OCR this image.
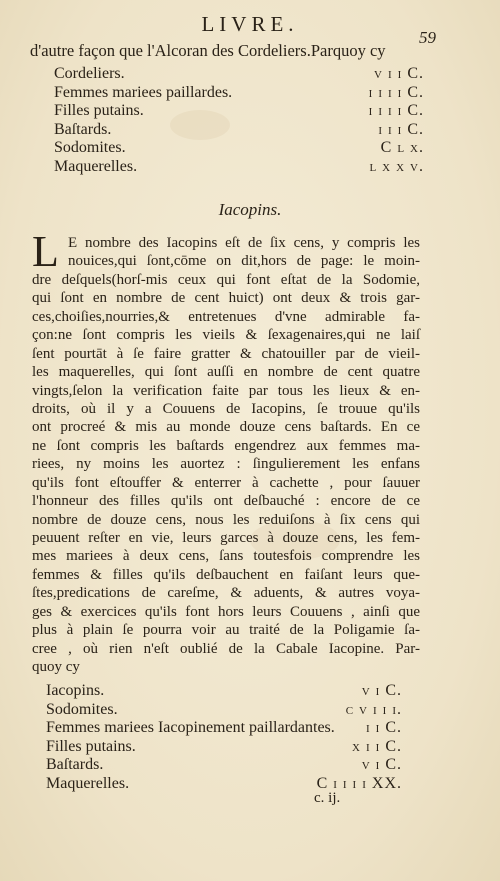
LIVRE.
59
d'autre façon que l'Alcoran des Cordeliers.Parquoy cy
Cordeliers.	v i i C.
Femmes mariees paillardes.	i i i i C.
Filles putains.	i i i i C.
Baſtards.	i i i C.
Sodomites.	C l x.
Maquerelles.	l x x v.
Iacopins.
L E nombre des Iacopins eſt de ſix cens, y compris les
nouices,qui ſont,cōme on dit,hors de page: le moin-
dre deſquels(horſ-mis ceux qui font eſtat de la Sodomie,
qui ſont en nombre de cent huict) ont deux & trois gar-
ces,choiſies,nourries,& entretenues d'vne admirable fa-
çon:ne ſont compris les vieils & ſexagenaires,qui ne laiſ
ſent pourtāt à ſe faire gratter & chatouiller par de vieil-
les maquerelles, qui ſont auſſi en nombre de cent quatre
vingts,ſelon la verification faite par tous les lieux & en-
droits, où il y a Couuens de Iacopins, ſe trouue qu'ils
ont procreé & mis au monde douze cens baſtards. En ce
ne ſont compris les baſtards engendrez aux femmes ma-
riees, ny moins les auortez : ſingulierement les enfans
qu'ils font eſtouffer & enterrer à cachette , pour ſauuer
l'honneur des filles qu'ils ont deſbauché : encore de ce
nombre de douze cens, nous les reduiſons à ſix cens qui
peuuent reſter en vie, leurs garces à douze cens, les fem-
mes mariees à deux cens, ſans toutesfois comprendre les
femmes & filles qu'ils deſbauchent en faiſant leurs que-
ſtes,predications de careſme, & aduents, & autres voya-
ges & exercices qu'ils font hors leurs Couuens , ainſi que
plus à plain ſe pourra voir au traité de la Poligamie ſa-
cree , où rien n'eſt oublié de la Cabale Iacopine. Par-
quoy cy
Iacopins.	v i C.
Sodomites.	c v i i i.
Femmes mariees Iacopinement paillardantes. i i C.
Filles putains.	x i i C.
Baſtards.	v i C.
Maquerelles.	C i i i i XX.
c. ij.
